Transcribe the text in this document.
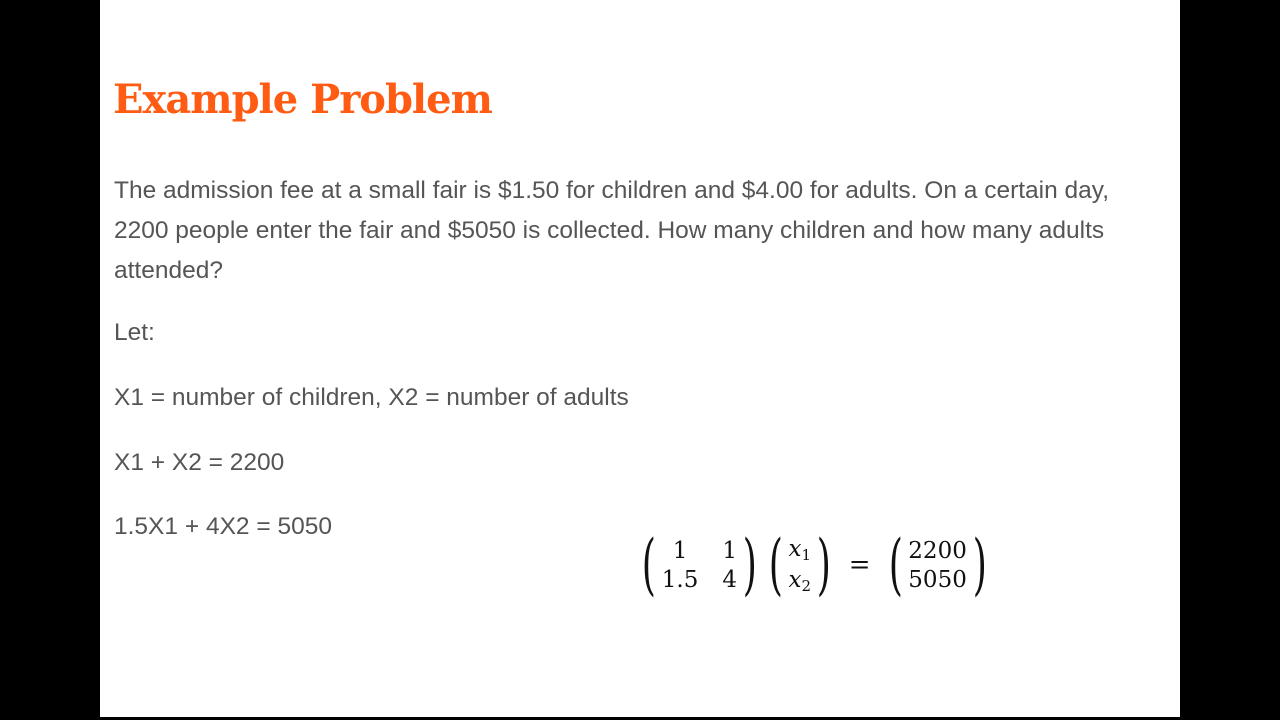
Example Problem

The admission fee at a small fair is $1.50 for children and $4.00 for adults. On a certain day, 2200 people enter the fair and $5050 is collected. How many children and how many adults attended?

Let:

X1 = number of children, X2 = number of adults

X1 + X2 = 2200

1.5X1 + 4X2 = 5050	( 1	1
1.5 4 ) ( $x_1$
$x_2$ ) = ( 2200
5050 )
